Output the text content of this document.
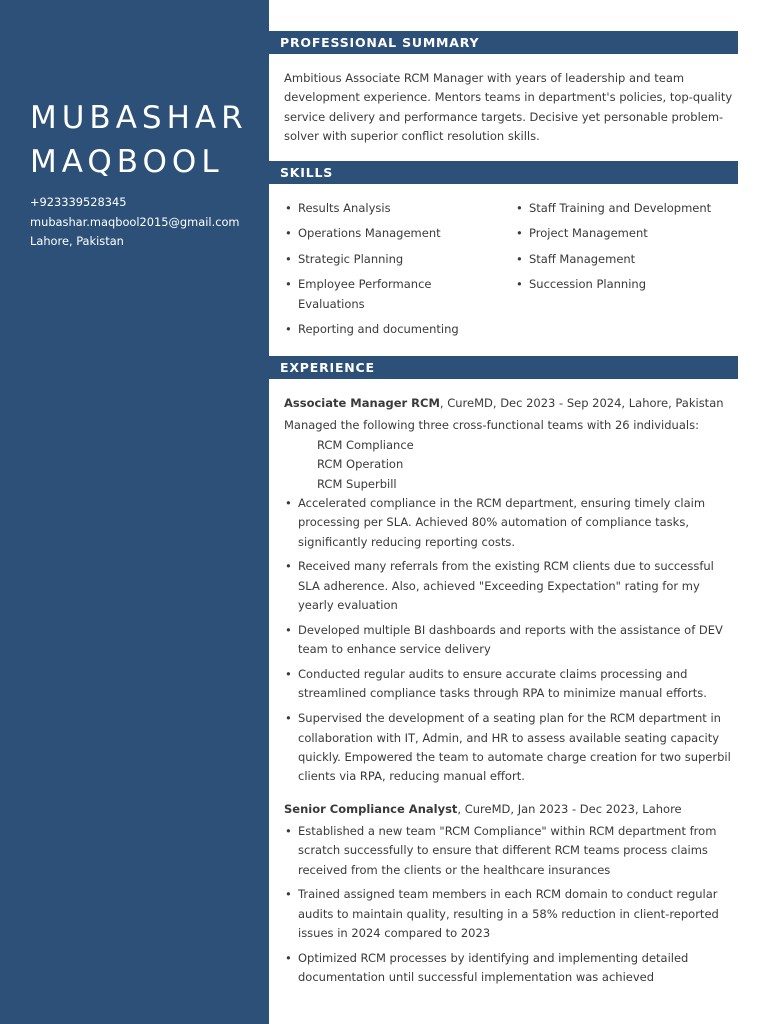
MUBASHAR
MAQBOOL
+923339528345
mubashar.maqbool2015@gmail.com
Lahore, Pakistan
PROFESSIONAL SUMMARY
Ambitious Associate RCM Manager with years of leadership and team development experience. Mentors teams in department's policies, top-quality service delivery and performance targets. Decisive yet personable problem-solver with superior conflict resolution skills.
SKILLS
• Results Analysis
• Operations Management
• Strategic Planning
• Employee Performance Evaluations
• Reporting and documenting
• Staff Training and Development
• Project Management
• Staff Management
• Succession Planning
EXPERIENCE
Associate Manager RCM, CureMD, Dec 2023 - Sep 2024, Lahore, Pakistan
Managed the following three cross-functional teams with 26 individuals:
RCM Compliance
RCM Operation
RCM Superbill
• Accelerated compliance in the RCM department, ensuring timely claim processing per SLA. Achieved 80% automation of compliance tasks, significantly reducing reporting costs.
• Received many referrals from the existing RCM clients due to successful SLA adherence. Also, achieved "Exceeding Expectation" rating for my yearly evaluation
• Developed multiple BI dashboards and reports with the assistance of DEV team to enhance service delivery
• Conducted regular audits to ensure accurate claims processing and streamlined compliance tasks through RPA to minimize manual efforts.
• Supervised the development of a seating plan for the RCM department in collaboration with IT, Admin, and HR to assess available seating capacity quickly. Empowered the team to automate charge creation for two superbil clients via RPA, reducing manual effort.
Senior Compliance Analyst, CureMD, Jan 2023 - Dec 2023, Lahore
• Established a new team "RCM Compliance" within RCM department from scratch successfully to ensure that different RCM teams process claims received from the clients or the healthcare insurances
• Trained assigned team members in each RCM domain to conduct regular audits to maintain quality, resulting in a 58% reduction in client-reported issues in 2024 compared to 2023
• Optimized RCM processes by identifying and implementing detailed documentation until successful implementation was achieved
